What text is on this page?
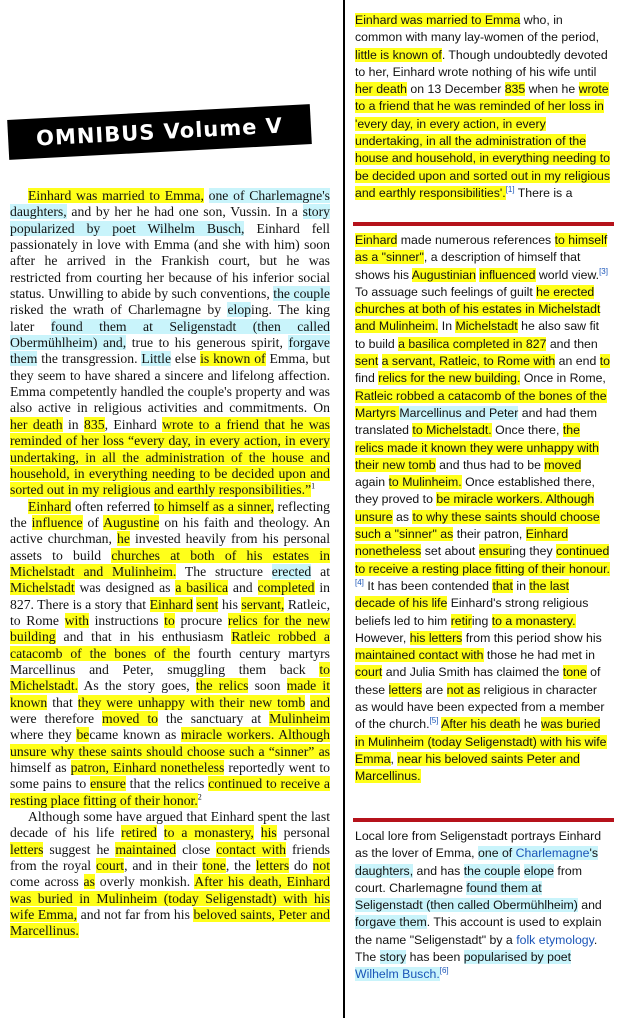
OMNIBUS Volume V

Einhard was married to Emma, one of Charlemagne's daughters, and by her he had one son, Vussin. In a story popularized by poet Wilhelm Busch, Einhard fell passionately in love with Emma (and she with him) soon after he arrived in the Frankish court, but he was restricted from courting her because of his inferior social status. Unwilling to abide by such conventions, the couple risked the wrath of Charlemagne by eloping. The king later found them at Seligenstadt (then called Obermühlheim) and, true to his generous spirit, forgave them the transgression. Little else is known of Emma, but they seem to have shared a sincere and lifelong affection. Emma competently handled the couple's property and was also active in religious activities and commitments. On her death in 835, Einhard wrote to a friend that he was reminded of her loss “every day, in every action, in every undertaking, in all the administration of the house and household, in everything needing to be decided upon and sorted out in my religious and earthly responsibilities.”$^1$

Einhard often referred to himself as a sinner, reflecting the influence of Augustine on his faith and theology. An active churchman, he invested heavily from his personal assets to build churches at both of his estates in Michelstadt and Mulinheim. The structure erected at Michelstadt was designed as a basilica and completed in 827. There is a story that Einhard sent his servant, Ratleic, to Rome with instructions to procure relics for the new building and that in his enthusiasm Ratleic robbed a catacomb of the bones of the fourth century martyrs Marcellinus and Peter, smuggling them back to Michelstadt. As the story goes, the relics soon made it known that they were unhappy with their new tomb and were therefore moved to the sanctuary at Mulinheim where they became known as miracle workers. Although unsure why these saints should choose such a “sinner” as himself as patron, Einhard nonetheless reportedly went to some pains to ensure that the relics continued to receive a resting place fitting of their honor.$^2$

Although some have argued that Einhard spent the last decade of his life retired to a monastery, his personal letters suggest he maintained close contact with friends from the royal court, and in their tone, the letters do not come across as overly monkish. After his death, Einhard was buried in Mulinheim (today Seligenstadt) with his wife Emma, and not far from his beloved saints, Peter and Marcellinus.

Einhard was married to Emma who, in common with many lay-women of the period, little is known of. Though undoubtedly devoted to her, Einhard wrote nothing of his wife until her death on 13 December 835 when he wrote to a friend that he was reminded of her loss in 'every day, in every action, in every undertaking, in all the administration of the house and household, in everything needing to be decided upon and sorted out in my religious and earthly responsibilities'.[1] There is a

Einhard made numerous references to himself as a "sinner", a description of himself that shows his Augustinian influenced world view.[3] To assuage such feelings of guilt he erected churches at both of his estates in Michelstadt and Mulinheim. In Michelstadt he also saw fit to build a basilica completed in 827 and then sent a servant, Ratleic, to Rome with an end to find relics for the new building. Once in Rome, Ratleic robbed a catacomb of the bones of the Martyrs Marcellinus and Peter and had them translated to Michelstadt. Once there, the relics made it known they were unhappy with their new tomb and thus had to be moved again to Mulinheim. Once established there, they proved to be miracle workers. Although unsure as to why these saints should choose such a "sinner" as their patron, Einhard nonetheless set about ensuring they continued to receive a resting place fitting of their honour.[4] It has been contended that in the last decade of his life Einhard's strong religious beliefs led to him retiring to a monastery. However, his letters from this period show his maintained contact with those he had met in court and Julia Smith has claimed the tone of these letters are not as religious in character as would have been expected from a member of the church.[5] After his death he was buried in Mulinheim (today Seligenstadt) with his wife Emma, near his beloved saints Peter and Marcellinus.

Local lore from Seligenstadt portrays Einhard as the lover of Emma, one of Charlemagne's daughters, and has the couple elope from court. Charlemagne found them at Seligenstadt (then called Obermühlheim) and forgave them. This account is used to explain the name "Seligenstadt" by a folk etymology. The story has been popularised by poet Wilhelm Busch.[6]
